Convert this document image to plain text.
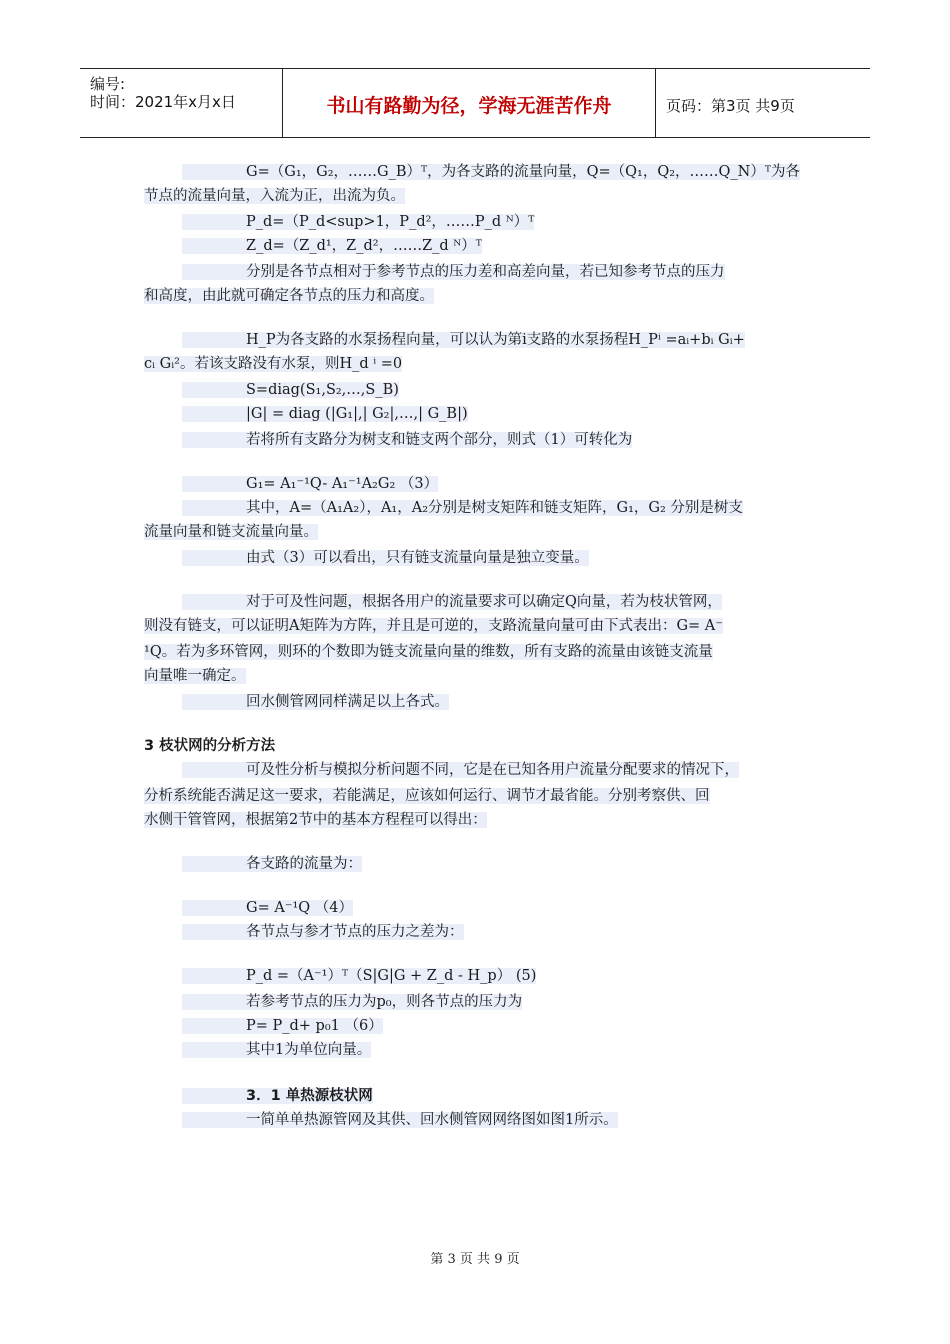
编号:
时间：2021年x月x日	书山有路勤为径，学海无涯苦作舟	页码：第3页 共9页
G=（G₁，G₂，……G_B）ᵀ，为各支路的流量向量，Q=（Q₁，Q₂，……Q_N）ᵀ为各
节点的流量向量，入流为正，出流为负。
P_d=（P_d<sup>1，P_d²，……P_d ᴺ）ᵀ
Z_d=（Z_d¹，Z_d²，……Z_d ᴺ）ᵀ
分别是各节点相对于参考节点的压力差和高差向量，若已知参考节点的压力
和高度，由此就可确定各节点的压力和高度。
H_P为各支路的水泵扬程向量，可以认为第i支路的水泵扬程H_Pⁱ =aᵢ+bᵢ Gᵢ+
cᵢ Gᵢ²。若该支路没有水泵，则H_d ⁱ =0
S=diag(S₁,S₂,…,S_B)
|G| = diag (|G₁|,| G₂|,…,| G_B|)
若将所有支路分为树支和链支两个部分，则式（1）可转化为
G₁= A₁⁻¹Q- A₁⁻¹A₂G₂ （3）
其中，A=（A₁A₂），A₁，A₂分别是树支矩阵和链支矩阵，G₁，G₂ 分别是树支
流量向量和链支流量向量。
由式（3）可以看出，只有链支流量向量是独立变量。
对于可及性问题，根据各用户的流量要求可以确定Q向量，若为枝状管网，
则没有链支，可以证明A矩阵为方阵，并且是可逆的，支路流量向量可由下式表出：G= A⁻
¹Q。若为多环管网，则环的个数即为链支流量向量的维数，所有支路的流量由该链支流量
向量唯一确定。
回水侧管网同样满足以上各式。
3 枝状网的分析方法
可及性分析与模拟分析问题不同，它是在已知各用户流量分配要求的情况下，
分析系统能否满足这一要求，若能满足，应该如何运行、调节才最省能。分别考察供、回
水侧干管管网，根据第2节中的基本方程程可以得出：
各支路的流量为：
G= A⁻¹Q （4）
各节点与参才节点的压力之差为：
P_d =（A⁻¹）ᵀ（S|G|G + Z_d - H_p） (5)
若参考节点的压力为p₀，则各节点的压力为
P= P_d+ p₀1 （6）
其中1为单位向量。
3．1 单热源枝状网
一简单单热源管网及其供、回水侧管网网络图如图1所示。
第 3 页 共 9 页
